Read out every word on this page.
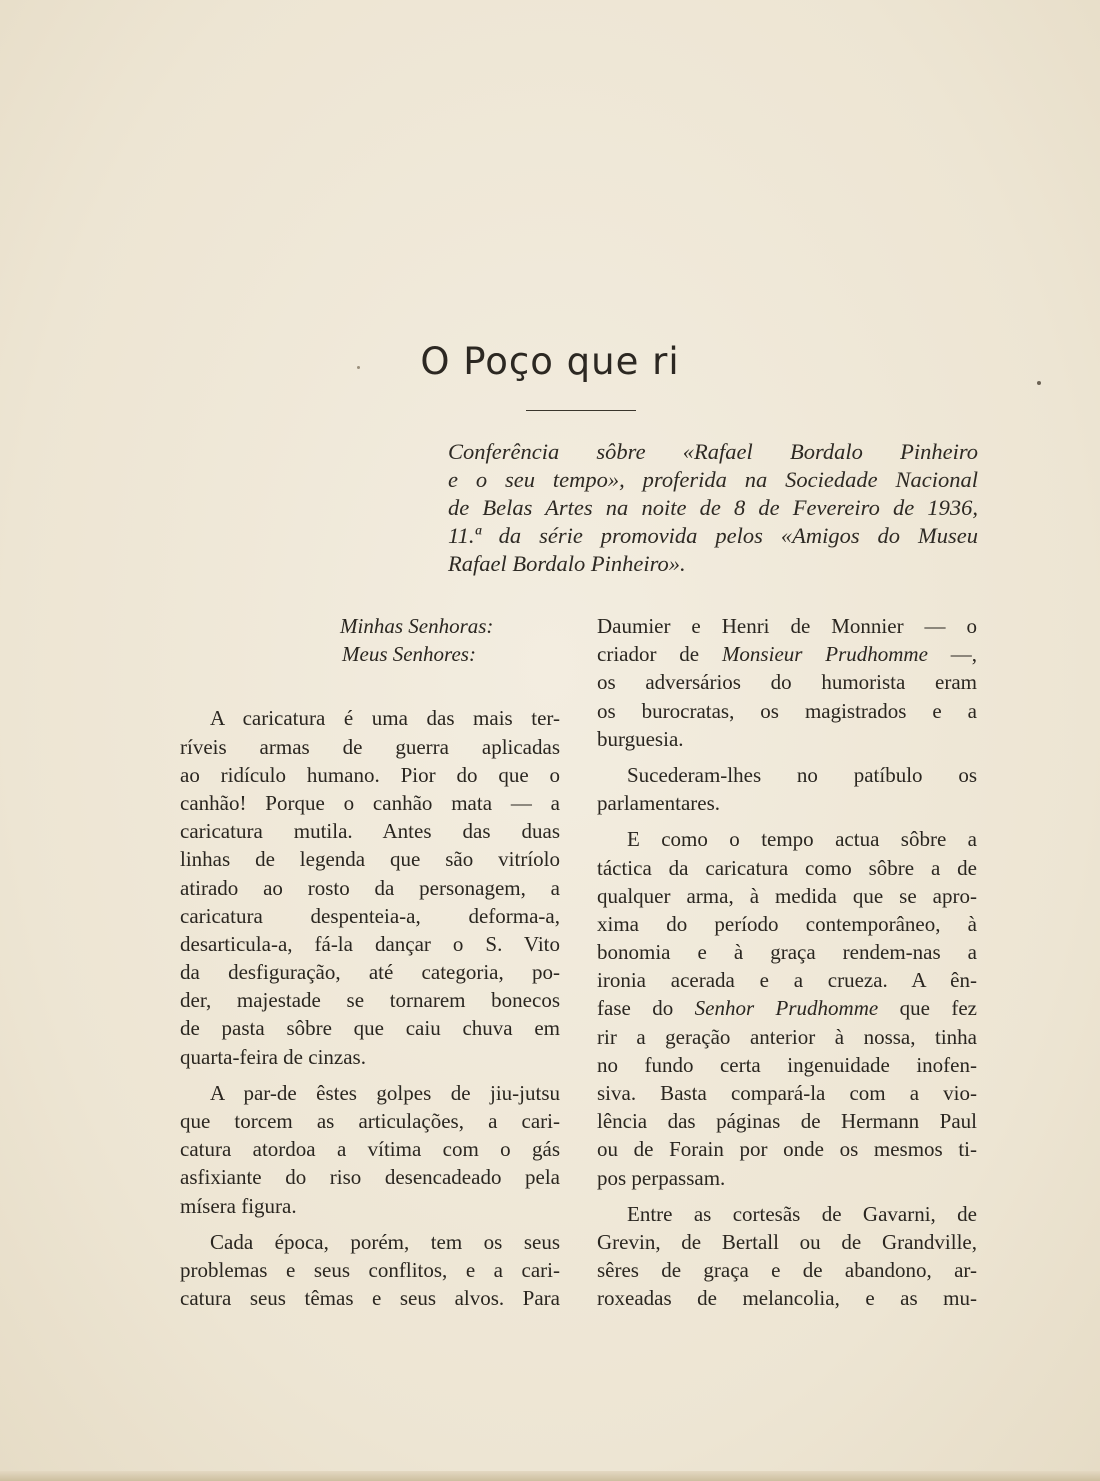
O Poço que ri
Conferência sôbre «Rafael Bordalo Pinheiro
e o seu tempo», proferida na Sociedade Nacional
de Belas Artes na noite de 8 de Fevereiro de 1936,
11.ª da série promovida pelos «Amigos do Museu
Rafael Bordalo Pinheiro».
Minhas Senhoras:
Meus Senhores:
A caricatura é uma das mais ter-
ríveis armas de guerra aplicadas
ao ridículo humano. Pior do que o
canhão! Porque o canhão mata — a
caricatura mutila. Antes das duas
linhas de legenda que são vitríolo
atirado ao rosto da personagem, a
caricatura despenteia-a, deforma-a,
desarticula-a, fá-la dançar o S. Vito
da desfiguração, até categoria, po-
der, majestade se tornarem bonecos
de pasta sôbre que caiu chuva em
quarta-feira de cinzas.
A par-de êstes golpes de jiu-jutsu
que torcem as articulações, a cari-
catura atordoa a vítima com o gás
asfixiante do riso desencadeado pela
mísera figura.
Cada época, porém, tem os seus
problemas e seus conflitos, e a cari-
catura seus têmas e seus alvos. Para
Daumier e Henri de Monnier — o
criador de Monsieur Prudhomme —,
os adversários do humorista eram
os burocratas, os magistrados e a
burguesia.
Sucederam-lhes no patíbulo os
parlamentares.
E como o tempo actua sôbre a
táctica da caricatura como sôbre a de
qualquer arma, à medida que se apro-
xima do período contemporâneo, à
bonomia e à graça rendem-nas a
ironia acerada e a crueza. A ên-
fase do Senhor Prudhomme que fez
rir a geração anterior à nossa, tinha
no fundo certa ingenuidade inofen-
siva. Basta compará-la com a vio-
lência das páginas de Hermann Paul
ou de Forain por onde os mesmos ti-
pos perpassam.
Entre as cortesãs de Gavarni, de
Grevin, de Bertall ou de Grandville,
sêres de graça e de abandono, ar-
roxeadas de melancolia, e as mu-
